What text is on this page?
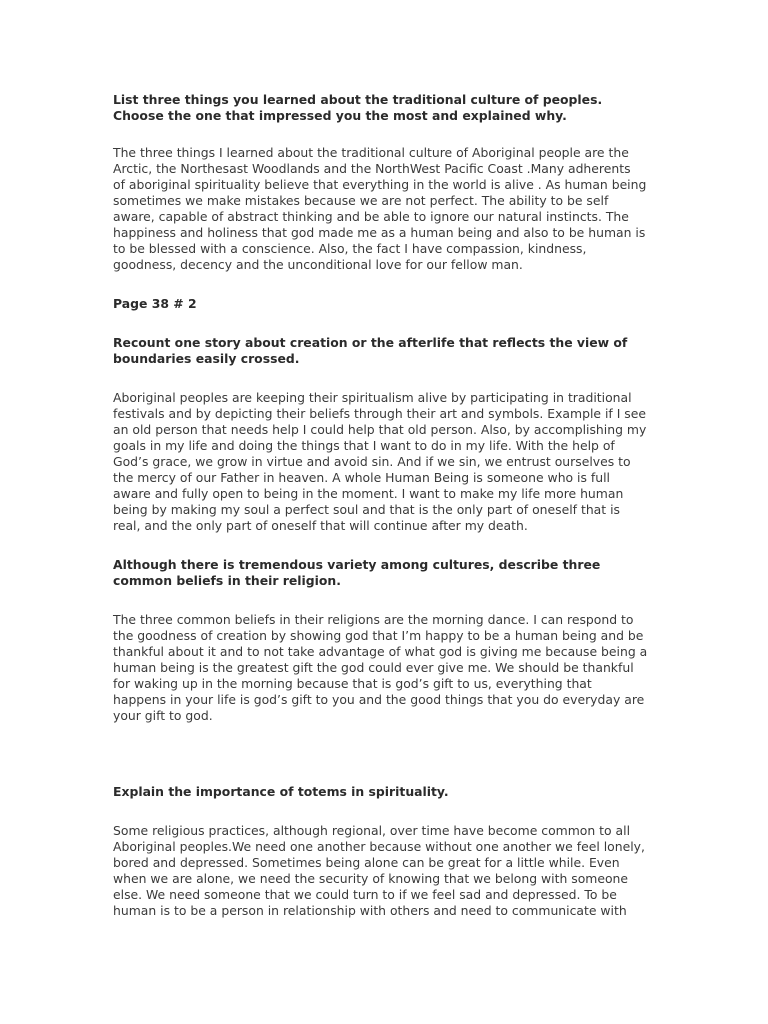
List three things you learned about the traditional culture of peoples.
Choose the one that impressed you the most and explained why.

The three things I learned about the traditional culture of Aboriginal people are the
Arctic, the Northesast Woodlands and the NorthWest Pacific Coast .Many adherents
of aboriginal spirituality believe that everything in the world is alive . As human being
sometimes we make mistakes because we are not perfect. The ability to be self
aware, capable of abstract thinking and be able to ignore our natural instincts. The
happiness and holiness that god made me as a human being and also to be human is
to be blessed with a conscience. Also, the fact I have compassion, kindness,
goodness, decency and the unconditional love for our fellow man.

Page 38 # 2

Recount one story about creation or the afterlife that reflects the view of
boundaries easily crossed.

Aboriginal peoples are keeping their spiritualism alive by participating in traditional
festivals and by depicting their beliefs through their art and symbols. Example if I see
an old person that needs help I could help that old person. Also, by accomplishing my
goals in my life and doing the things that I want to do in my life. With the help of
God’s grace, we grow in virtue and avoid sin. And if we sin, we entrust ourselves to
the mercy of our Father in heaven. A whole Human Being is someone who is full
aware and fully open to being in the moment. I want to make my life more human
being by making my soul a perfect soul and that is the only part of oneself that is
real, and the only part of oneself that will continue after my death.

Although there is tremendous variety among cultures, describe three
common beliefs in their religion.

The three common beliefs in their religions are the morning dance. I can respond to
the goodness of creation by showing god that I’m happy to be a human being and be
thankful about it and to not take advantage of what god is giving me because being a
human being is the greatest gift the god could ever give me. We should be thankful
for waking up in the morning because that is god’s gift to us, everything that
happens in your life is god’s gift to you and the good things that you do everyday are
your gift to god.

Explain the importance of totems in spirituality.

Some religious practices, although regional, over time have become common to all
Aboriginal peoples.We need one another because without one another we feel lonely,
bored and depressed. Sometimes being alone can be great for a little while. Even
when we are alone, we need the security of knowing that we belong with someone
else. We need someone that we could turn to if we feel sad and depressed. To be
human is to be a person in relationship with others and need to communicate with
